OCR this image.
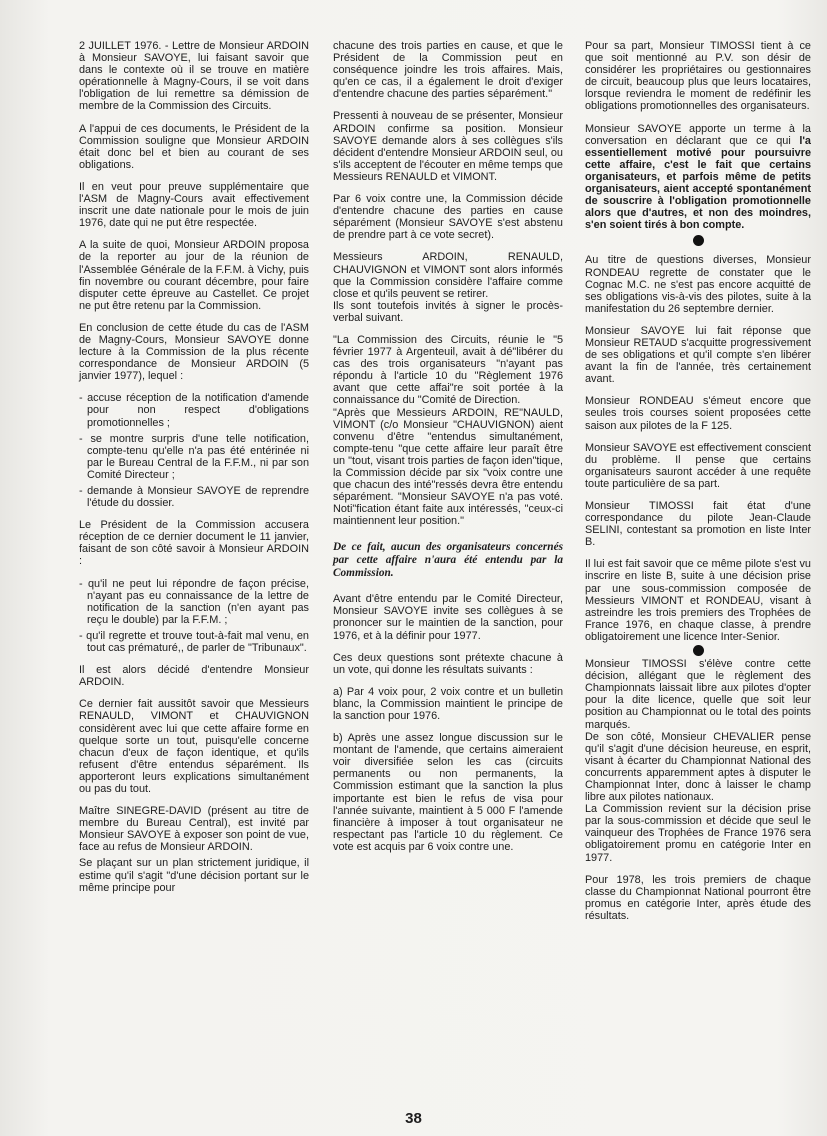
2 JUILLET 1976. - Lettre de Monsieur ARDOIN à Monsieur SAVOYE, lui faisant savoir que dans le contexte où il se trouve en matière opérationnelle à Magny-Cours, il se voit dans l'obligation de lui remettre sa démission de membre de la Commission des Circuits.

A l'appui de ces documents, le Président de la Commission souligne que Monsieur ARDOIN était donc bel et bien au courant de ses obligations.

Il en veut pour preuve supplémentaire que l'ASM de Magny-Cours avait effectivement inscrit une date nationale pour le mois de juin 1976, date qui ne put être respectée.

A la suite de quoi, Monsieur ARDOIN proposa de la reporter au jour de la réunion de l'Assemblée Générale de la F.F.M. à Vichy, puis fin novembre ou courant décembre, pour faire disputer cette épreuve au Castellet. Ce projet ne put être retenu par la Commission.

En conclusion de cette étude du cas de l'ASM de Magny-Cours, Monsieur SAVOYE donne lecture à la Commission de la plus récente correspondance de Monsieur ARDOIN (5 janvier 1977), lequel :

- accuse réception de la notification d'amende pour non respect d'obligations promotionnelles ;
- se montre surpris d'une telle notification, compte-tenu qu'elle n'a pas été entérinée ni par le Bureau Central de la F.F.M., ni par son Comité Directeur ;
- demande à Monsieur SAVOYE de reprendre l'étude du dossier.

Le Président de la Commission accusera réception de ce dernier document le 11 janvier, faisant de son côté savoir à Monsieur ARDOIN :

- qu'il ne peut lui répondre de façon précise, n'ayant pas eu connaissance de la lettre de notification de la sanction (n'en ayant pas reçu le double) par la F.F.M. ;
- qu'il regrette et trouve tout-à-fait mal venu, en tout cas prématuré,, de parler de "Tribunaux".

Il est alors décidé d'entendre Monsieur ARDOIN.

Ce dernier fait aussitôt savoir que Messieurs RENAULD, VIMONT et CHAUVIGNON considèrent avec lui que cette affaire forme en quelque sorte un tout, puisqu'elle concerne chacun d'eux de façon identique, et qu'ils refusent d'être entendus séparément. Ils apporteront leurs explications simultanément ou pas du tout.

Maître SINEGRE-DAVID (présent au titre de membre du Bureau Central), est invité par Monsieur SAVOYE à exposer son point de vue, face au refus de Monsieur ARDOIN.

Se plaçant sur un plan strictement juridique, il estime qu'il s'agit "d'une décision portant sur le même principe pour

chacune des trois parties en cause, et que le Président de la Commission peut en conséquence joindre les trois affaires. Mais, qu'en ce cas, il a également le droit d'exiger d'entendre chacune des parties séparément."

Pressenti à nouveau de se présenter, Monsieur ARDOIN confirme sa position. Monsieur SAVOYE demande alors à ses collègues s'ils décident d'entendre Monsieur ARDOIN seul, ou s'ils acceptent de l'écouter en même temps que Messieurs RENAULD et VIMONT.

Par 6 voix contre une, la Commission décide d'entendre chacune des parties en cause séparément (Monsieur SAVOYE s'est abstenu de prendre part à ce vote secret).

Messieurs ARDOIN, RENAULD, CHAUVIGNON et VIMONT sont alors informés que la Commission considère l'affaire comme close et qu'ils peuvent se retirer.

Ils sont toutefois invités à signer le procès-verbal suivant.

"La Commission des Circuits, réunie le "5 février 1977 à Argenteuil, avait à dé"libérer du cas des trois organisateurs "n'ayant pas répondu à l'article 10 du "Règlement 1976 avant que cette affai"re soit portée à la connaissance du "Comité de Direction.

"Après que Messieurs ARDOIN, RE"NAULD, VIMONT (c/o Monsieur "CHAUVIGNON) aient convenu d'être "entendus simultanément, compte-tenu "que cette affaire leur paraît être un "tout, visant trois parties de façon iden"tique, la Commission décide par six "voix contre une que chacun des inté"ressés devra être entendu séparément. "Monsieur SAVOYE n'a pas voté. Noti"fication étant faite aux intéressés, "ceux-ci maintiennent leur position."

De ce fait, aucun des organisateurs concernés par cette affaire n'aura été entendu par la Commission.

Avant d'être entendu par le Comité Directeur, Monsieur SAVOYE invite ses collègues à se prononcer sur le maintien de la sanction, pour 1976, et à la définir pour 1977.

Ces deux questions sont prétexte chacune à un vote, qui donne les résultats suivants :

a) Par 4 voix pour, 2 voix contre et un bulletin blanc, la Commission maintient le principe de la sanction pour 1976.

b) Après une assez longue discussion sur le montant de l'amende, que certains aimeraient voir diversifiée selon les cas (circuits permanents ou non permanents, la Commission estimant que la sanction la plus importante est bien le refus de visa pour l'année suivante, maintient à 5 000 F l'amende financière à imposer à tout organisateur ne respectant pas l'article 10 du règlement. Ce vote est acquis par 6 voix contre une.

Pour sa part, Monsieur TIMOSSI tient à ce que soit mentionné au P.V. son désir de considérer les propriétaires ou gestionnaires de circuit, beaucoup plus que leurs locataires, lorsque reviendra le moment de redéfinir les obligations promotionnelles des organisateurs.

Monsieur SAVOYE apporte un terme à la conversation en déclarant que ce qui l'a essentiellement motivé pour poursuivre cette affaire, c'est le fait que certains organisateurs, et parfois même de petits organisateurs, aient accepté spontanément de souscrire à l'obligation promotionnelle alors que d'autres, et non des moindres, s'en soient tirés à bon compte.

Au titre de questions diverses, Monsieur RONDEAU regrette de constater que le Cognac M.C. ne s'est pas encore acquitté de ses obligations vis-à-vis des pilotes, suite à la manifestation du 26 septembre dernier.

Monsieur SAVOYE lui fait réponse que Monsieur RETAUD s'acquitte progressivement de ses obligations et qu'il compte s'en libérer avant la fin de l'année, très certainement avant.

Monsieur RONDEAU s'émeut encore que seules trois courses soient proposées cette saison aux pilotes de la F 125.

Monsieur SAVOYE est effectivement conscient du problème. Il pense que certains organisateurs sauront accéder à une requête toute particulière de sa part.

Monsieur TIMOSSI fait état d'une correspondance du pilote Jean-Claude SELINI, contestant sa promotion en liste Inter B.

Il lui est fait savoir que ce même pilote s'est vu inscrire en liste B, suite à une décision prise par une sous-commission composée de Messieurs VIMONT et RONDEAU, visant à astreindre les trois premiers des Trophées de France 1976, en chaque classe, à prendre obligatoirement une licence Inter-Senior.

Monsieur TIMOSSI s'élève contre cette décision, allégant que le règlement des Championnats laissait libre aux pilotes d'opter pour la dite licence, quelle que soit leur position au Championnat ou le total des points marqués.

De son côté, Monsieur CHEVALIER pense qu'il s'agit d'une décision heureuse, en esprit, visant à écarter du Championnat National des concurrents apparemment aptes à disputer le Championnat Inter, donc à laisser le champ libre aux pilotes nationaux.

La Commission revient sur la décision prise par la sous-commission et décide que seul le vainqueur des Trophées de France 1976 sera obligatoirement promu en catégorie Inter en 1977.

Pour 1978, les trois premiers de chaque classe du Championnat National pourront être promus en catégorie Inter, après étude des résultats.

38
